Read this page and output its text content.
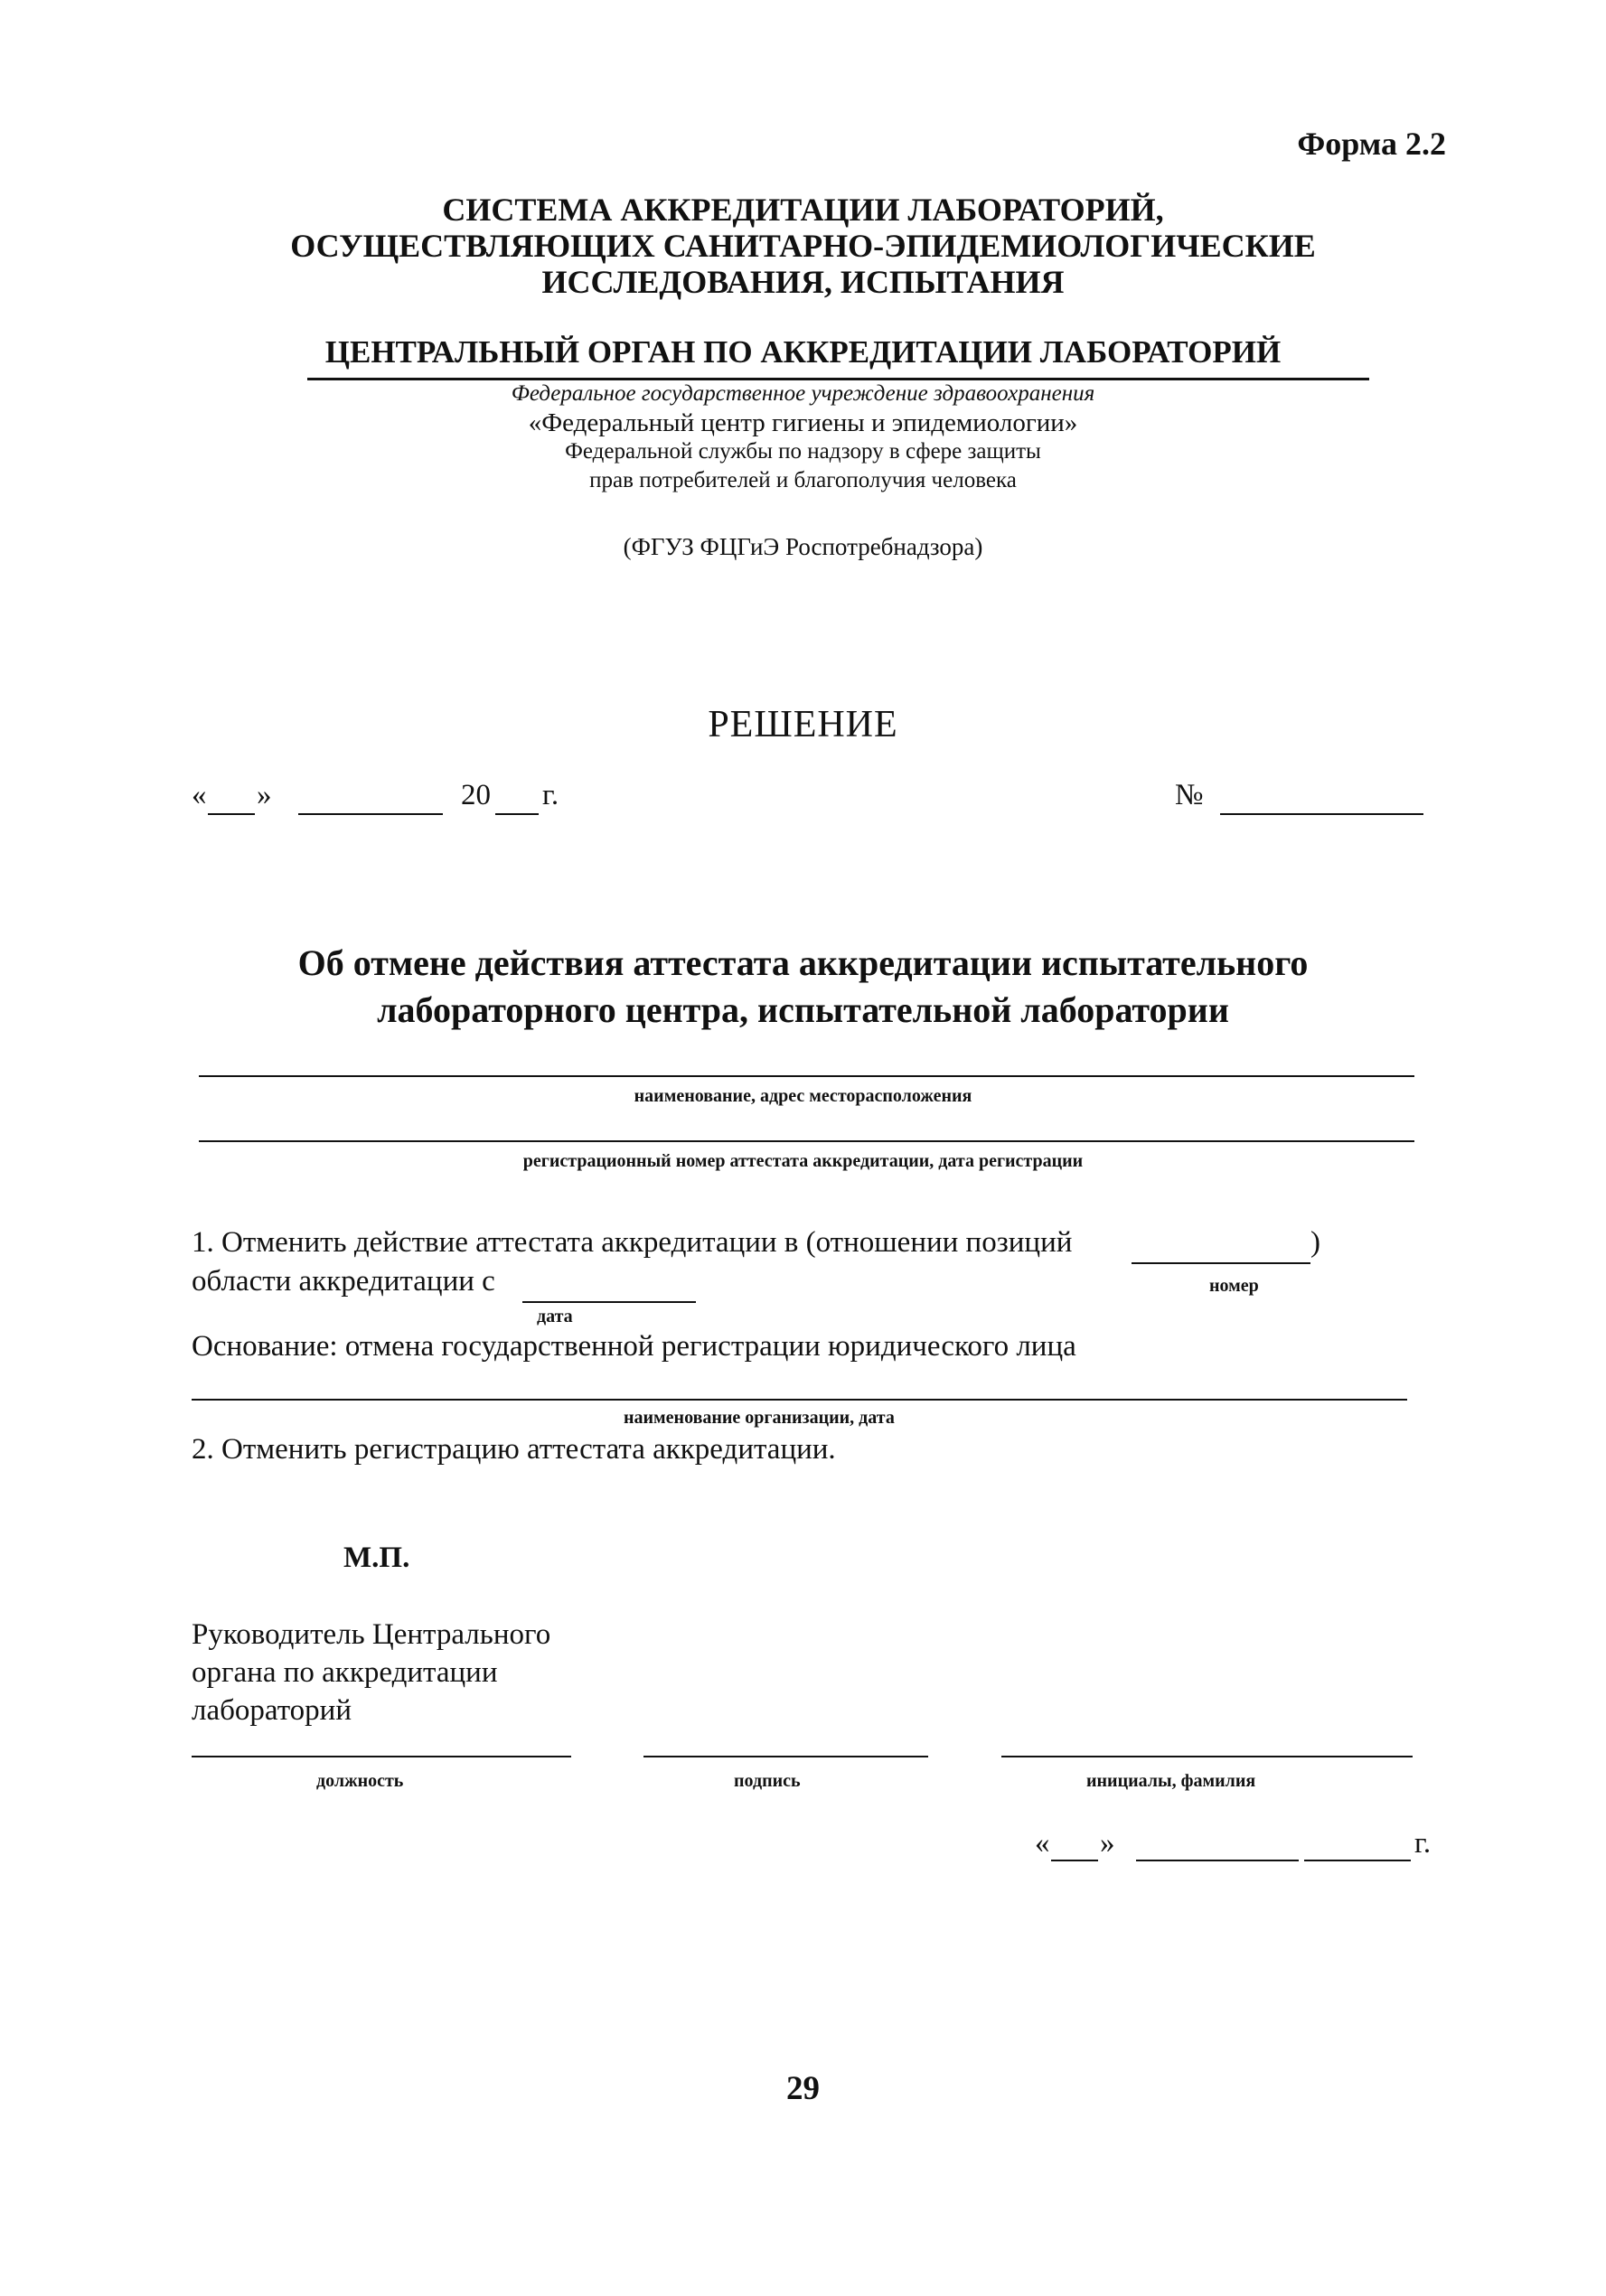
Форма 2.2
СИСТЕМА АККРЕДИТАЦИИ ЛАБОРАТОРИЙ,
ОСУЩЕСТВЛЯЮЩИХ САНИТАРНО-ЭПИДЕМИОЛОГИЧЕСКИЕ
ИССЛЕДОВАНИЯ, ИСПЫТАНИЯ
ЦЕНТРАЛЬНЫЙ ОРГАН ПО АККРЕДИТАЦИИ ЛАБОРАТОРИЙ
Федеральное государственное учреждение здравоохранения
«Федеральный центр гигиены и эпидемиологии»
Федеральной службы по надзору в сфере защиты
прав потребителей и благополучия человека
(ФГУЗ ФЦГиЭ Роспотребнадзора)
РЕШЕНИЕ
« »	20 г.	№
Об отмене действия аттестата аккредитации испытательного
лабораторного центра, испытательной лаборатории
наименование, адрес месторасположения
регистрационный номер аттестата аккредитации, дата регистрации
1. Отменить действие аттестата аккредитации в (отношении позиций	)
области аккредитации с	номер
дата
Основание: отмена государственной регистрации юридического лица
наименование организации, дата
2. Отменить регистрацию аттестата аккредитации.
М.П.
Руководитель Центрального
органа по аккредитации
лабораторий
должность	подпись	инициалы, фамилия
« »	г.
29
